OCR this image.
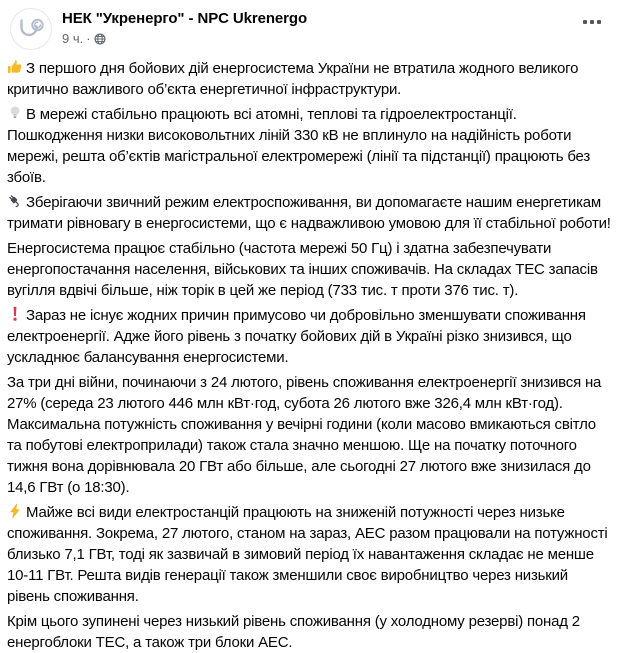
НЕК "Укренерго" - NPC Ukrenergo
9 ч. ·

З першого дня бойових дій енергосистема України не втратила жодного великого критично важливого об’єкта енергетичної інфраструктури.

В мережі стабільно працюють всі атомні, теплові та гідроелектростанції. Пошкодження низки високовольтних ліній 330 кВ не вплинуло на надійність роботи мережі, решта об’єктів магістральної електромережі (лінії та підстанції) працюють без збоїв.

Зберігаючи звичний режим електроспоживання, ви допомагаєте нашим енергетикам тримати рівновагу в енергосистеми, що є надважливою умовою для її стабільної роботи!

Енергосистема працює стабільно (частота мережі 50 Гц) і здатна забезпечувати енергопостачання населення, військових та інших споживачів. На складах ТЕС запасів вугілля вдвічі більше, ніж торік в цей же період (733 тис. т проти 376 тис. т).

Зараз не існує жодних причин примусово чи добровільно зменшувати споживання електроенергії. Адже його рівень з початку бойових дій в Україні різко знизився, що ускладнює балансування енергосистеми.

За три дні війни, починаючи з 24 лютого, рівень споживання електроенергії знизився на 27% (середа 23 лютого 446 млн кВт·год, субота 26 лютого вже 326,4 млн кВт·год). Максимальна потужність споживання у вечірні години (коли масово вмикаються світло та побутові електроприлади) також стала значно меншою. Ще на початку поточного тижня вона дорівнювала 20 ГВт або більше, але сьогодні 27 лютого вже знизилася до 14,6 ГВт (о 18:30).

Майже всі види електростанцій працюють на зниженій потужності через низьке споживання. Зокрема, 27 лютого, станом на зараз, АЕС разом працювали на потужності близько 7,1 ГВт, тоді як зазвичай в зимовий період їх навантаження складає не менше 10-11 ГВт. Решта видів генерації також зменшили своє виробництво через низький рівень споживання.

Крім цього зупинені через низький рівень споживання (у холодному резерві) понад 2 енергоблоки ТЕС, а також три блоки АЕС.
